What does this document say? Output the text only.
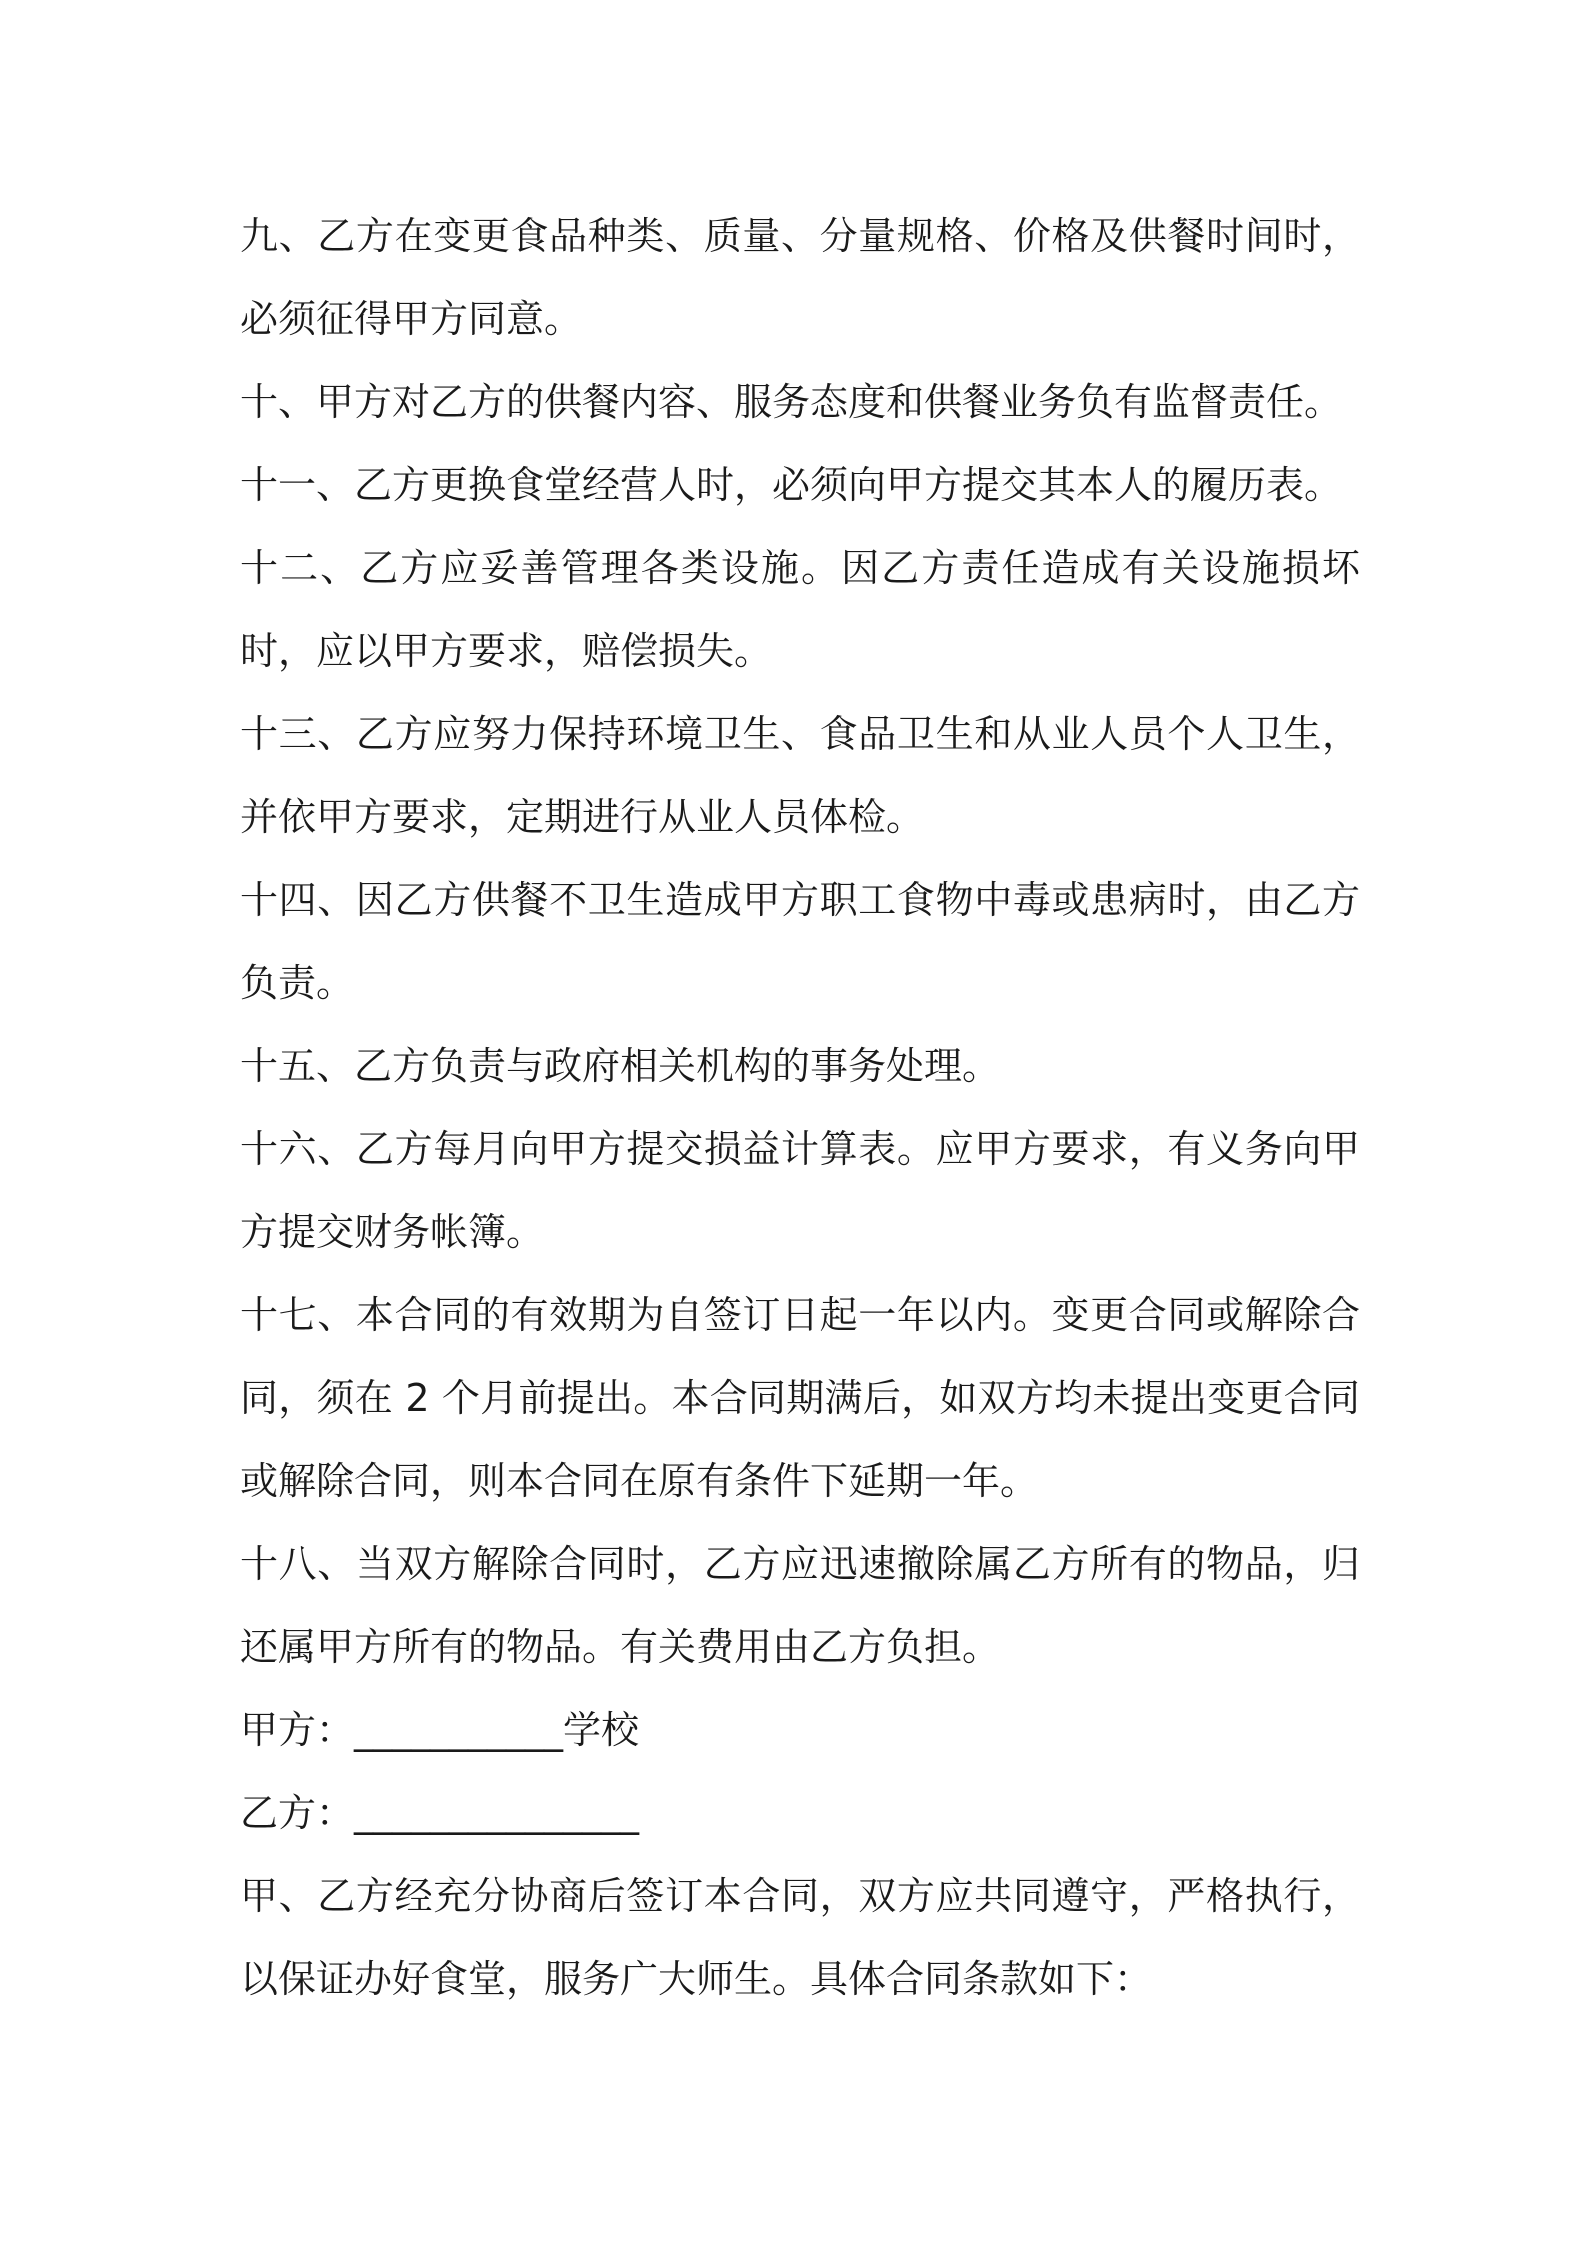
九、乙方在变更食品种类、质量、分量规格、价格及供餐时间时，必须征得甲方同意。

十、甲方对乙方的供餐内容、服务态度和供餐业务负有监督责任。

十一、乙方更换食堂经营人时，必须向甲方提交其本人的履历表。

十二、乙方应妥善管理各类设施。因乙方责任造成有关设施损坏时，应以甲方要求，赔偿损失。

十三、乙方应努力保持环境卫生、食品卫生和从业人员个人卫生，并依甲方要求，定期进行从业人员体检。

十四、因乙方供餐不卫生造成甲方职工食物中毒或患病时，由乙方负责。

十五、乙方负责与政府相关机构的事务处理。

十六、乙方每月向甲方提交损益计算表。应甲方要求，有义务向甲方提交财务帐簿。

十七、本合同的有效期为自签订日起一年以内。变更合同或解除合同，须在 2 个月前提出。本合同期满后，如双方均未提出变更合同或解除合同，则本合同在原有条件下延期一年。

十八、当双方解除合同时，乙方应迅速撤除属乙方所有的物品，归还属甲方所有的物品。有关费用由乙方负担。

甲方：___________学校

乙方：_______________

甲、乙方经充分协商后签订本合同，双方应共同遵守，严格执行，以保证办好食堂，服务广大师生。具体合同条款如下：
